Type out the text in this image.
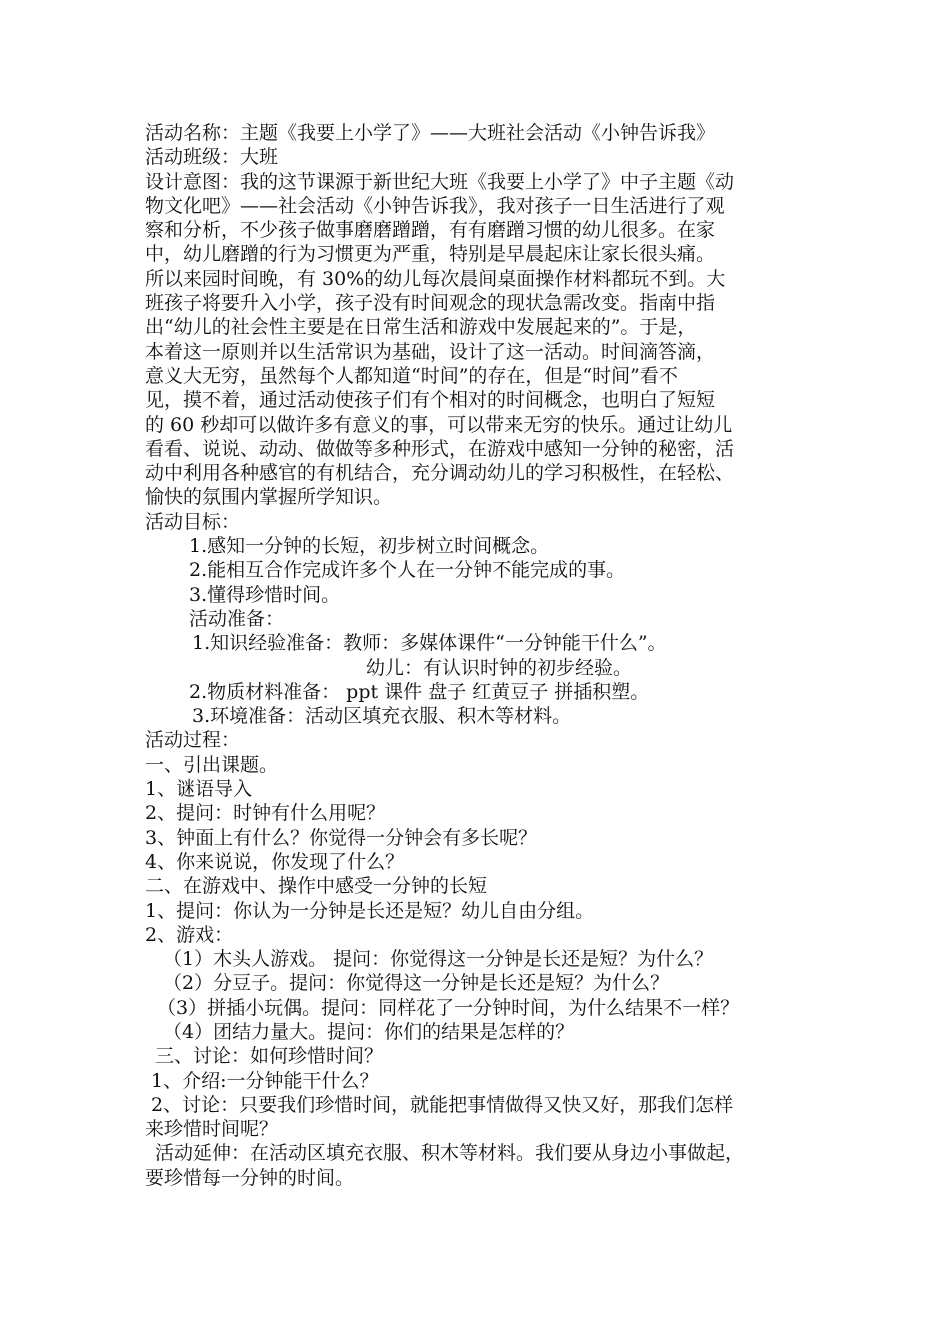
活动名称：主题《我要上小学了》——大班社会活动《小钟告诉我》
活动班级：大班
设计意图：我的这节课源于新世纪大班《我要上小学了》中子主题《动
物文化吧》——社会活动《小钟告诉我》，我对孩子一日生活进行了观
察和分析，不少孩子做事磨磨蹭蹭，有有磨蹭习惯的幼儿很多。在家
中，幼儿磨蹭的行为习惯更为严重，特别是早晨起床让家长很头痛。
所以来园时间晚，有 30%的幼儿每次晨间桌面操作材料都玩不到。大
班孩子将要升入小学，孩子没有时间观念的现状急需改变。指南中指
出“幼儿的社会性主要是在日常生活和游戏中发展起来的”。于是，
本着这一原则并以生活常识为基础，设计了这一活动。时间滴答滴，
意义大无穷，虽然每个人都知道“时间”的存在，但是“时间”看不
见，摸不着，通过活动使孩子们有个相对的时间概念，也明白了短短
的 60 秒却可以做许多有意义的事，可以带来无穷的快乐。通过让幼儿
看看、说说、动动、做做等多种形式，在游戏中感知一分钟的秘密，活
动中利用各种感官的有机结合，充分调动幼儿的学习积极性，在轻松、
愉快的氛围内掌握所学知识。
活动目标：
1.感知一分钟的长短，初步树立时间概念。
2.能相互合作完成许多个人在一分钟不能完成的事。
3.懂得珍惜时间。
活动准备：
1.知识经验准备：教师：多媒体课件“一分钟能干什么”。
幼儿：有认识时钟的初步经验。
2.物质材料准备： ppt 课件 盘子 红黄豆子 拼插积塑。
3.环境准备：活动区填充衣服、积木等材料。
活动过程：
一、引出课题。
1、谜语导入
2、提问：时钟有什么用呢？
3、钟面上有什么？你觉得一分钟会有多长呢？
4、你来说说，你发现了什么？
二、在游戏中、操作中感受一分钟的长短
1、提问：你认为一分钟是长还是短？幼儿自由分组。
2、游戏：
（1）木头人游戏。 提问：你觉得这一分钟是长还是短？为什么？
（2）分豆子。提问：你觉得这一分钟是长还是短？为什么？
（3）拼插小玩偶。提问：同样花了一分钟时间，为什么结果不一样？
（4）团结力量大。提问：你们的结果是怎样的？
三、讨论：如何珍惜时间？
1、介绍:一分钟能干什么？
2、讨论：只要我们珍惜时间，就能把事情做得又快又好，那我们怎样
来珍惜时间呢？
活动延伸：在活动区填充衣服、积木等材料。我们要从身边小事做起，
要珍惜每一分钟的时间。
